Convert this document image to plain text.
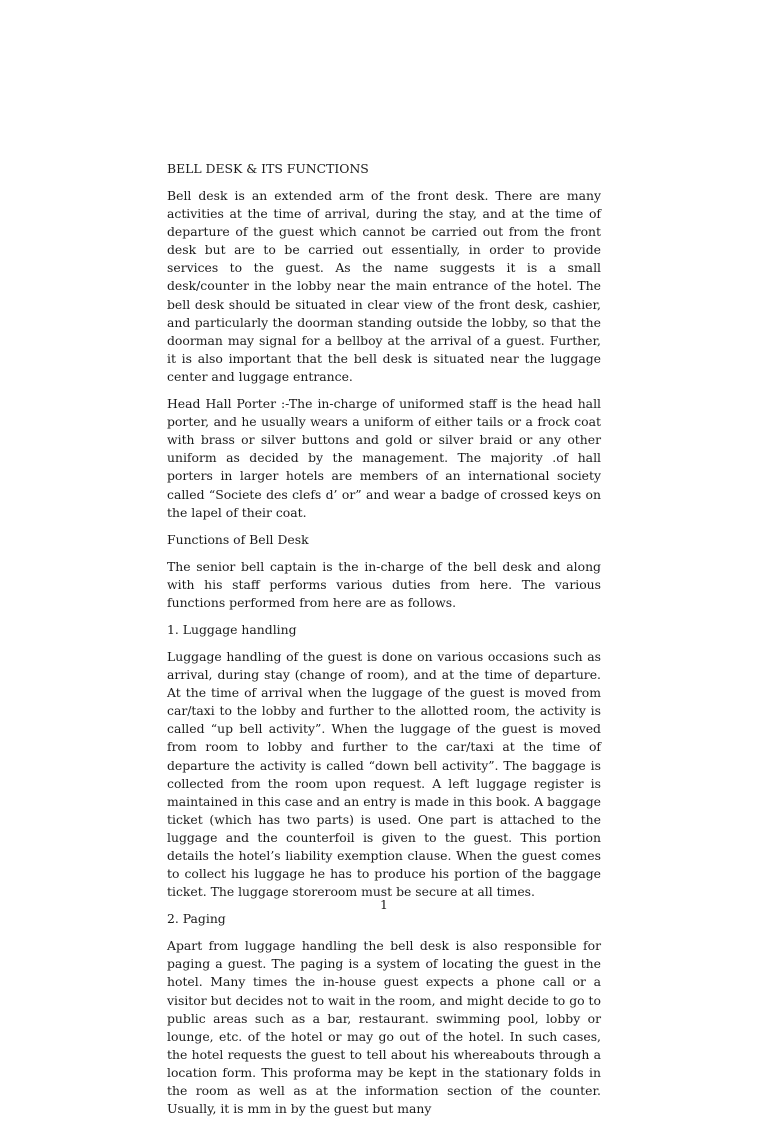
BELL DESK & ITS FUNCTIONS

Bell desk is an extended arm of the front desk. There are many activities at the time of arrival, during the stay, and at the time of departure of the guest which cannot be carried out from the front desk but are to be carried out essentially, in order to provide services to the guest. As the name suggests it is a small desk/counter in the lobby near the main entrance of the hotel. The bell desk should be situated in clear view of the front desk, cashier, and particularly the doorman standing outside the lobby, so that the doorman may signal for a bellboy at the arrival of a guest. Further, it is also important that the bell desk is situated near the luggage center and luggage entrance.

Head Hall Porter :-The in-charge of uniformed staff is the head hall porter, and he usually wears a uniform of either tails or a frock coat with brass or silver buttons and gold or silver braid or any other uniform as decided by the management. The majority .of hall porters in larger hotels are members of an international society called “Societe des clefs d’ or” and wear a badge of crossed keys on the lapel of their coat.

Functions of Bell Desk

The senior bell captain is the in-charge of the bell desk and along with his staff performs various duties from here. The various functions performed from here are as follows.

1. Luggage handling

Luggage handling of the guest is done on various occasions such as arrival, during stay (change of room), and at the time of departure. At the time of arrival when the luggage of the guest is moved from car/taxi to the lobby and further to the allotted room, the activity is called “up bell activity”. When the luggage of the guest is moved from room to lobby and further to the car/taxi at the time of departure the activity is called “down bell activity”. The baggage is collected from the room upon request. A left luggage register is maintained in this case and an entry is made in this book. A baggage ticket (which has two parts) is used. One part is attached to the luggage and the counterfoil is given to the guest. This portion details the hotel’s liability exemption clause. When the guest comes to collect his luggage he has to produce his portion of the baggage ticket. The luggage storeroom must be secure at all times.

2. Paging

Apart from luggage handling the bell desk is also responsible for paging a guest. The paging is a system of locating the guest in the hotel. Many times the in-house guest expects a phone call or a visitor but decides not to wait in the room, and might decide to go to public areas such as a bar, restaurant. swimming pool, lobby or lounge, etc. of the hotel or may go out of the hotel. In such cases, the hotel requests the guest to tell about his whereabouts through a location form. This proforma may be kept in the stationary folds in the room as well as at the information section of the counter. Usually, it is mm in by the guest but many

1
